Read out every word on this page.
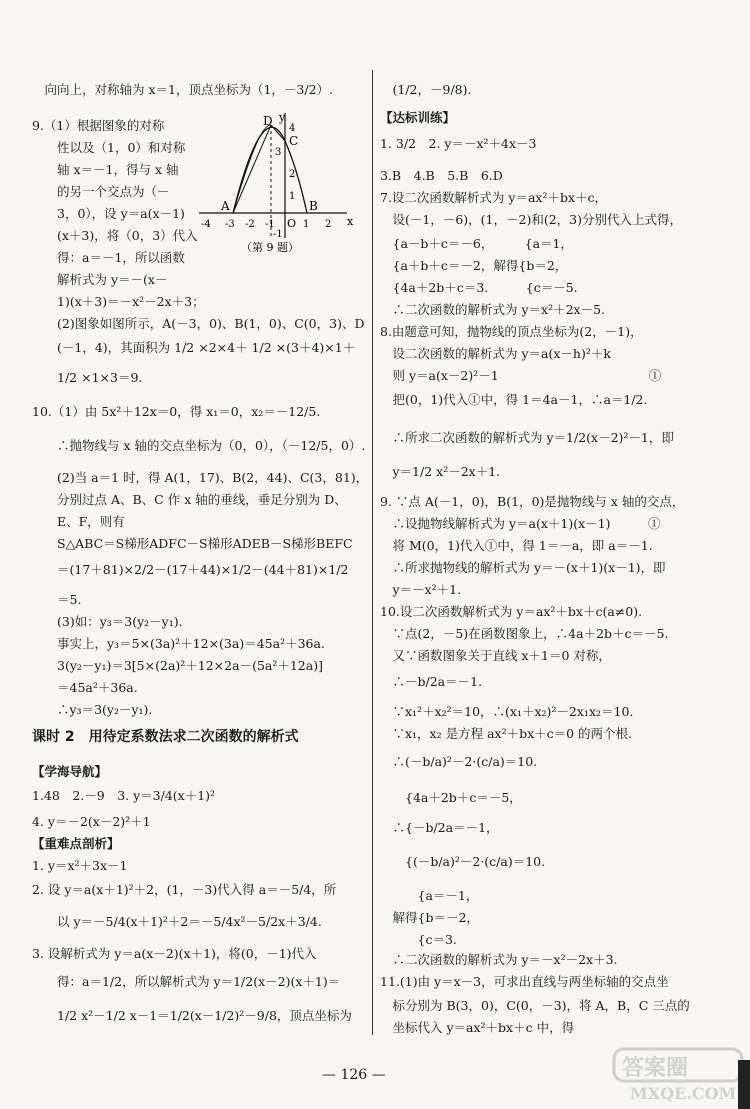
　向向上，对称轴为 x＝1，顶点坐标为（1，－3/2）.
9.（1）根据图象的对称
　　性以及（1，0）和对称
　　轴 x＝－1，得与 x 轴
　　的另一个交点为（－
　　3，0），设 y＝a(x－1)
　　(x＋3)，将（0，3）代入
　　得：a＝－1，所以函数
　　解析式为 y＝－(x－
　　1)(x＋3)＝－x²－2x＋3；
　　(2)图象如图所示，A(－3，0)、B(1，0)、C(0，3)、D
　　(－1，4)，其面积为 1/2 ×2×4＋ 1/2 ×(3＋4)×1＋
　　1/2 ×1×3＝9.
10.（1）由 5x²＋12x＝0，得 x₁＝0，x₂＝－12/5.
　　∴抛物线与 x 轴的交点坐标为（0，0），（－12/5，0）.
　　(2)当 a＝1 时，得 A(1，17)、B(2，44)、C(3，81)，
　　分别过点 A、B、C 作 x 轴的垂线，垂足分别为 D、
　　E、F，则有
　　S△ABC＝S梯形ADFC－S梯形ADEB－S梯形BEFC
　　＝(17＋81)×2/2－(17＋44)×1/2－(44＋81)×1/2
　　＝5.
　　(3)如：y₃＝3(y₂－y₁).
　　事实上，y₃＝5×(3a)²＋12×(3a)＝45a²＋36a.
　　3(y₂－y₁)＝3[5×(2a)²＋12×2a－(5a²＋12a)]
　　＝45a²＋36a.
　　∴y₃＝3(y₂－y₁).
课时 2　用待定系数法求二次函数的解析式
【学海导航】
1.48　2.－9　3. y＝3/4(x＋1)²
4. y＝－2(x－2)²＋1
【重难点剖析】
1. y＝x²＋3x－1
2. 设 y＝a(x＋1)²＋2，(1，－3)代入得 a＝－5/4，所
　　以 y＝－5/4(x＋1)²＋2＝－5/4x²－5/2x＋3/4.
3. 设解析式为 y＝a(x－2)(x＋1)，将(0，－1)代入
　　得：a＝1/2，所以解析式为 y＝1/2(x－2)(x＋1)＝
　　1/2 x²－1/2 x－1＝1/2(x－1/2)²－9/8，顶点坐标为
　(1/2，－9/8).
【达标训练】
1. 3/2　2. y＝－x²＋4x－3
3.B　4.B　5.B　6.D
7.设二次函数解析式为 y＝ax²＋bx＋c，
　设(－1，－6)，(1，－2)和(2，3)分别代入上式得，
　{a－b＋c＝－6，　　　{a＝1，
　{a＋b＋c＝－2，解得{b＝2，
　{4a＋2b＋c＝3.　　　{c＝－5.
　∴二次函数的解析式为 y＝x²＋2x－5.
8.由题意可知，抛物线的顶点坐标为(2，－1)，
　设二次函数的解析式为 y＝a(x－h)²＋k
　则 y＝a(x－2)²－1　　　　　　　　　　　　①
　把(0，1)代入①中，得 1＝4a－1，∴a＝1/2.
　∴所求二次函数的解析式为 y＝1/2(x－2)²－1，即
　y＝1/2 x²－2x＋1.
9. ∵点 A(－1，0)，B(1，0)是抛物线与 x 轴的交点，
　∴设抛物线解析式为 y＝a(x＋1)(x－1)　　　①
　将 M(0，1)代入①中，得 1＝－a，即 a＝－1.
　∴所求抛物线的解析式为 y＝－(x＋1)(x－1)，即
　y＝－x²＋1.
10.设二次函数解析式为 y＝ax²＋bx＋c(a≠0).
　∵点(2，－5)在函数图象上，∴4a＋2b＋c＝－5.
　又∵函数图象关于直线 x＋1＝0 对称，
　∴－b/2a＝－1.
　∵x₁²＋x₂²＝10，∴(x₁＋x₂)²－2x₁x₂＝10.
　∵x₁，x₂ 是方程 ax²＋bx＋c＝0 的两个根.
　∴(－b/a)²－2·(c/a)＝10.
　　{4a＋2b＋c＝－5，
　∴{－b/2a＝－1，
　　{(－b/a)²－2·(c/a)＝10.
　　　{a＝－1，
　解得{b＝－2，
　　　{c＝3.
　∴二次函数的解析式为 y＝－x²－2x＋3.
11.(1)由 y＝x－3，可求出直线与两坐标轴的交点坐
　标分别为 B(3，0)，C(0，－3)，将 A，B，C 三点的
　坐标代入 y＝ax²＋bx＋c 中，得
D
C
A	B
O	x
y
-4 -3 -2 -1	1 2
4
3
2
1
-1
（第 9 题）
— 126 —	答案圈
MXQE.COM
